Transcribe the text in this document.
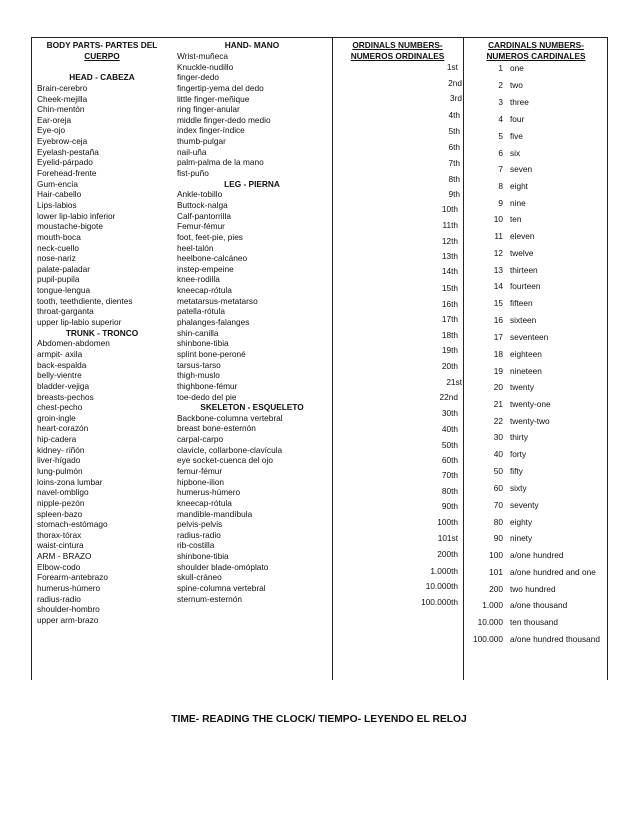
BODY PARTS- PARTES DEL
CUERPO
HAND- MANO	ORDINALS NUMBERS-
NUMEROS ORDINALES
CARDINALS NUMBERS-
NUMEROS CARDINALES
HEAD - CABEZA
Brain-cerebro
Cheek-mejilla
Chin-mentón
Ear-oreja
Eye-ojo
Eyebrow-ceja
Eyelash-pestaña
Eyelid-párpado
Forehead-frente
Gum-encía
Hair-cabello
Lips-labios
lower lip-labio inferior
moustache-bigote
mouth-boca
neck-cuello
nose-nariz
palate-paladar
pupil-pupila
tongue-lengua
tooth, teethdiente, dientes
throat-garganta
upper lip-labio superior
TRUNK - TRONCO
Abdomen-abdomen
armpit- axila
back-espalda
belly-vientre
bladder-vejiga
breasts-pechos
chest-pecho
groin-ingle
heart-corazón
hip-cadera
kidney- riñón
liver-hígado
lung-pulmón
loins-zona lumbar
navel-ombligo
nipple-pezón
spleen-bazo
stomach-estómago
thorax-tórax
waist-cintura
ARM - BRAZO
Elbow-codo
Forearm-antebrazo
humerus-húmero
radius-radio
shoulder-hombro
upper arm-brazo
Wrist-muñeca
Knuckle-nudillo
finger-dedo
fingertip-yema del dedo
little finger-meñique
ring finger-anular
middle finger-dedo medio
index finger-índice
thumb-pulgar
nail-uña
palm-palma de la mano
fist-puño
LEG - PIERNA
Ankle-tobillo
Buttock-nalga
Calf-pantorrilla
Femur-fémur
foot, feet-pie, pies
heel-talón
heelbone-calcáneo
instep-empeine
knee-rodilla
kneecap-rótula
metatarsus-metatarso
patella-rótula
phalanges-falanges
shin-canilla
shinbone-tibia
splint bone-peroné
tarsus-tarso
thigh-muslo
thighbone-fémur
toe-dedo del pie
SKELETON - ESQUELETO
Backbone-columna vertebral
breast bone-esternón
carpal-carpo
clavicle, collarbone-clavícula
eye socket-cuenca del ojo
femur-fémur
hipbone-ilion
humerus-húmero
kneecap-rótula
mandible-mandíbula
pelvis-pelvis
radius-radio
rib-costilla
shinbone-tibia
shoulder blade-omóplato
skull-cráneo
spine-columna vertebral
sternum-esternón
1st
2nd
3rd
4th
5th
6th
7th
8th
9th
10th
11th
12th
13th
14th
15th
16th
17th
18th
19th
20th
21st
22nd
30th
40th
50th
60th
70th
80th
90th
100th
101st
200th
1.000th
10.000th
100.000th
1 one
2 two
3 three
4 four
5 five
6 six
7 seven
8 eight
9 nine
10 ten
11 eleven
12 twelve
13 thirteen
14 fourteen
15 fifteen
16 sixteen
17 seventeen
18 eighteen
19 nineteen
20 twenty
21 twenty-one
22 twenty-two
30 thirty
40 forty
50 fifty
60 sixty
70 seventy
80 eighty
90 ninety
100 a/one hundred
101 a/one hundred and one
200 two hundred
1.000 a/one thousand
10.000 ten thousand
100.000 a/one hundred thousand
TIME- READING THE CLOCK/ TIEMPO- LEYENDO EL RELOJ
